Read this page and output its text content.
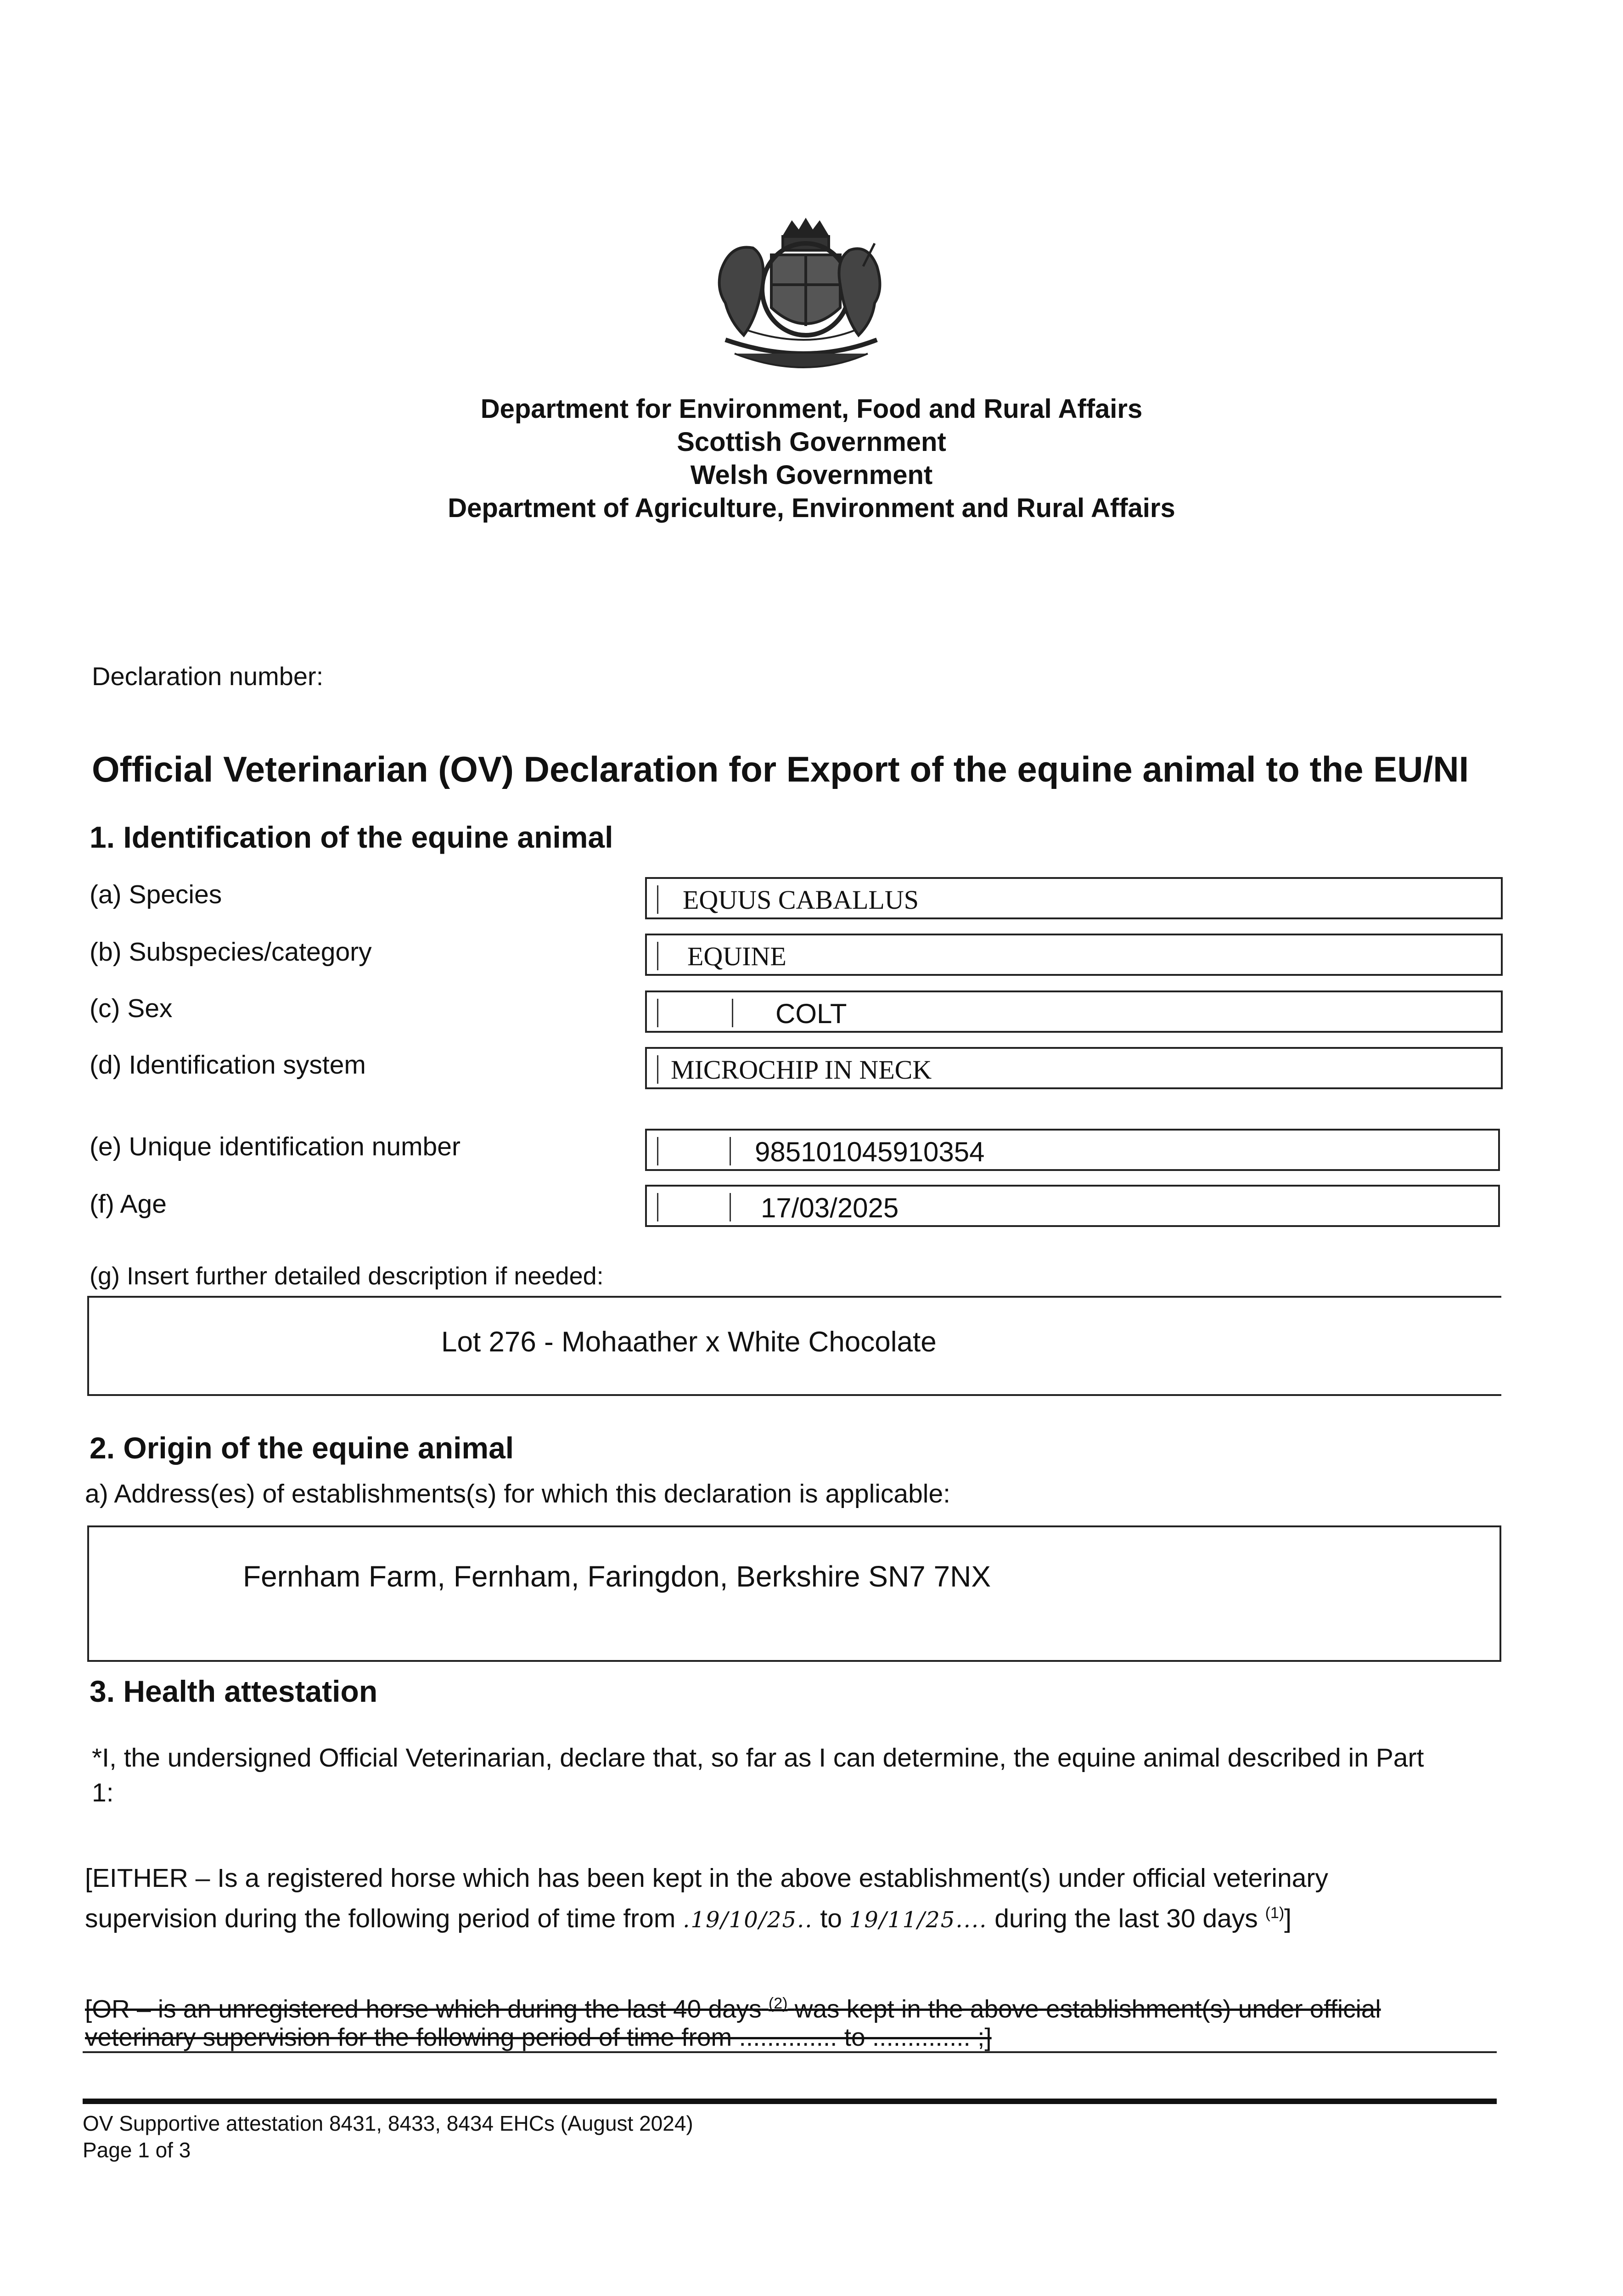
Department for Environment, Food and Rural Affairs
Scottish Government
Welsh Government
Department of Agriculture, Environment and Rural Affairs
Declaration number:
Official Veterinarian (OV) Declaration for Export of the equine animal to the EU/NI
1. Identification of the equine animal
(a) Species	EQUUS CABALLUS
(b) Subspecies/category	EQUINE
(c) Sex	COLT
(d) Identification system	MICROCHIP IN NECK
(e) Unique identification number	985101045910354
(f) Age	17/03/2025
(g) Insert further detailed description if needed:
Lot 276 - Mohaather x White Chocolate
2. Origin of the equine animal
a) Address(es) of establishments(s) for which this declaration is applicable:
Fernham Farm, Fernham, Faringdon, Berkshire SN7 7NX
3. Health attestation
*I, the undersigned Official Veterinarian, declare that, so far as I can determine, the equine animal described in Part
1:
[EITHER – Is a registered horse which has been kept in the above establishment(s) under official veterinary
supervision during the following period of time from .19/10/25.. to 19/11/25.... during the last 30 days $^{(1)}$]
[OR – is an unregistered horse which during the last 40 days $^{(2)}$ was kept in the above establishment(s) under official
veterinary supervision for the following period of time from .............. to .............. ;]
OV Supportive attestation 8431, 8433, 8434 EHCs (August 2024)
Page 1 of 3
